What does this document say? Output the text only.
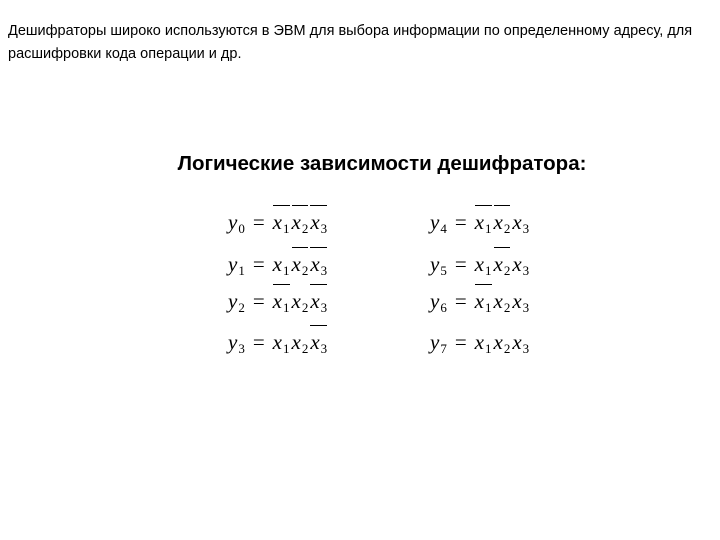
Дешифраторы широко используются в ЭВМ для выбора информации по определенному адресу, для расшифровки кода операции и др.
Логические зависимости дешифратора:
$y_0 = x_1$
$x_2$
$x_3$
$y_1 = x_1x_2$
$x_3$
$y_2 = x_1$
$x_2x_3$
$y_3 = x_1x_2x_3$
$y_4 = x_1$
$x_2$
$x_3$
$y_5 = x_1x_2$
$x_3$
$y_6 = x_1$
$x_2x_3$
$y_7 = x_1x_2x_3$
